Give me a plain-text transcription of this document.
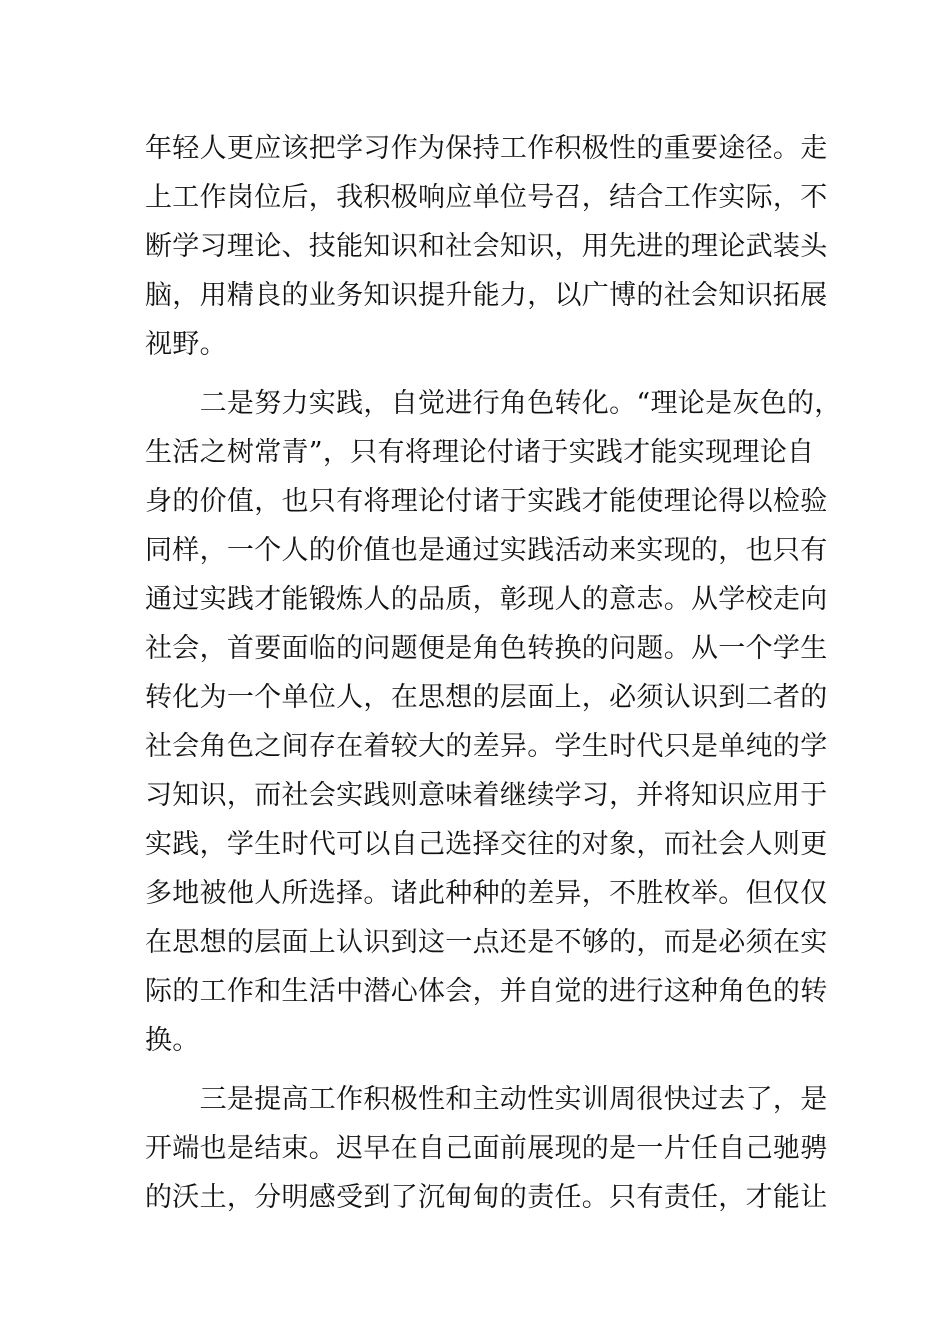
年轻人更应该把学习作为保持工作积极性的重要途径。走
上工作岗位后，我积极响应单位号召，结合工作实际，不
断学习理论、技能知识和社会知识，用先进的理论武装头
脑，用精良的业务知识提升能力，以广博的社会知识拓展
视野。
　　二是努力实践，自觉进行角色转化。“理论是灰色的，
生活之树常青”，只有将理论付诸于实践才能实现理论自
身的价值，也只有将理论付诸于实践才能使理论得以检验
同样，一个人的价值也是通过实践活动来实现的，也只有
通过实践才能锻炼人的品质，彰现人的意志。从学校走向
社会，首要面临的问题便是角色转换的问题。从一个学生
转化为一个单位人，在思想的层面上，必须认识到二者的
社会角色之间存在着较大的差异。学生时代只是单纯的学
习知识，而社会实践则意味着继续学习，并将知识应用于
实践，学生时代可以自己选择交往的对象，而社会人则更
多地被他人所选择。诸此种种的差异，不胜枚举。但仅仅
在思想的层面上认识到这一点还是不够的，而是必须在实
际的工作和生活中潜心体会，并自觉的进行这种角色的转
换。
　　三是提高工作积极性和主动性实训周很快过去了，是
开端也是结束。迟早在自己面前展现的是一片任自己驰骋
的沃土，分明感受到了沉甸甸的责任。只有责任，才能让
